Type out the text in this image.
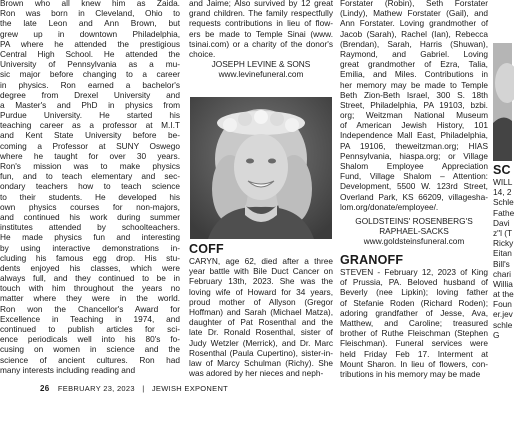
Brown who all knew him as Zaida.
Ron was born in Cleveland, Ohio to
the late Leon and Ann Brown, but
grew up in downtown Philadelphia,
PA where he attended the prestigious
Central High School. He attended the
University of Pennsylvania as a mu-
sic major before changing to a career
in physics. Ron earned a bachelor's
degree from Drexel University and
a Master's and PhD in physics from
Purdue University. He started his
teaching career as a professor at M.I.T
and Kent State University before be-
coming a Professor at SUNY Oswego
where he taught for over 30 years.
Ron's mission was to make physics
fun, and to teach elementary and sec-
ondary teachers how to teach science
to their students. He developed his
own physics courses for non-majors,
and continued his work during summer
institutes attended by schoolteachers.
He made physics fun and interesting
by using interactive demonstrations in-
cluding his famous egg drop. His stu-
dents enjoyed his classes, which were
always full, and they continued to be in
touch with him throughout the years no
matter where they were in the world.
Ron won the Chancellor's Award for
Excellence in Teaching in 1974, and
continued to publish articles for sci-
ence periodicals well into his 80's fo-
cusing on women in science and the
science of ancient cultures. Ron had
many interests including reading and
and Jaime; Also survived by 12 great
grand children. The family respectfully
requests contributions in lieu of flow-
ers be made to Temple Sinai (www.
tsinai.com) or a charity of the donor's
choice.
JOSEPH LEVINE & SONS
www.levinefuneral.com
COFF
CARYN, age 62, died after a three
year battle with Bile Duct Cancer on
February 13th, 2023. She was the
loving wife of Howard for 34 years,
proud mother of Allyson (Gregor
Hoffman) and Sarah (Michael Matza),
daughter of Pat Rosenthal and the
late Dr. Ronald Rosenthal, sister of
Judy Wetzler (Merrick), and Dr. Marc
Rosenthal (Paula Cupertino), sister-in-
law of Marcy Schulman (Richy). She
was adored by her nieces and neph-
Forstater (Robin), Seth Forstater
(Lindy), Mathew Forstater (Gail), and
Ann Forstater. Loving grandmother of
Jacob (Sarah), Rachel (Ian), Rebecca
(Brendan), Sarah, Harris (Shuwan),
Raymond, and Gabriel. Loving
great grandmother of Ezra, Talia,
Emilia, and Miles. Contributions in
her memory may be made to Temple
Beth Zion-Beth Israel, 300 S. 18th
Street, Philadelphia, PA 19103, bzbi.
org; Weitzman National Museum
of American Jewish History, 101
Independence Mall East, Philadelphia,
PA 19106, theweitzman.org; HIAS
Pennsylvania, hiaspa.org; or Village
Shalom Employee Appreciation
Fund, Village Shalom – Attention:
Development, 5500 W. 123rd Street,
Overland Park, KS 66209, villagesha-
lom.org/donate/employee/.
GOLDSTEINS' ROSENBERG'S
RAPHAEL-SACKS
www.goldsteinsfuneral.com
GRANOFF
STEVEN - February 12, 2023 of King
of Prussia, PA. Beloved husband of
Beverly (nee Lipkin); loving father
of Stefanie Roden (Richard Roden);
adoring grandfather of Jesse, Ava,
Matthew, and Caroline; treasured
brother of Ruthe Fleischman (Stephen
Fleischman). Funeral services were
held Friday Feb 17. Interment at
Mount Sharon. In lieu of flowers, con-
tributions in his memory may be made
SC
WILL
14, 2
Schle
Fathe
Davi
z"l (T
Ricky
Eitan
Bill's
chari
Willia
at the
Foun
er.jev
schle
G
26 FEBRUARY 23, 2023 | JEWISH EXPONENT
